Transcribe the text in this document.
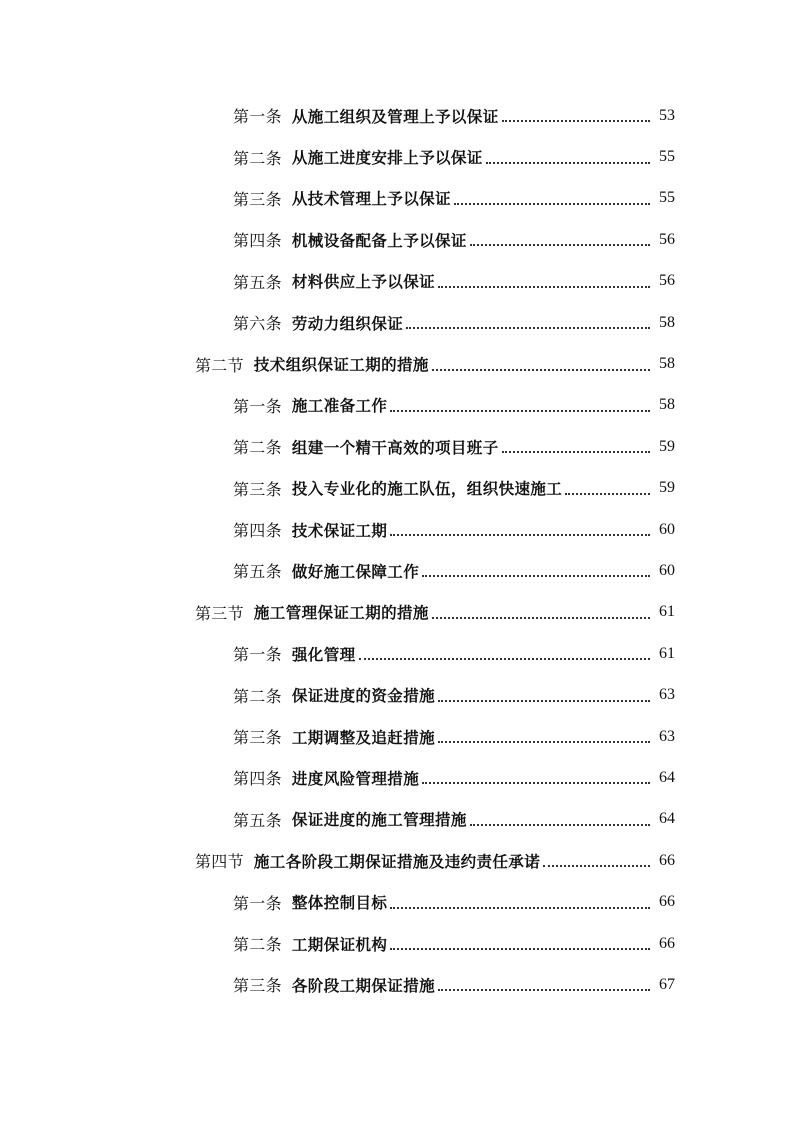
第一条 从施工组织及管理上予以保证	53
第二条 从施工进度安排上予以保证	55
第三条 从技术管理上予以保证	55
第四条 机械设备配备上予以保证	56
第五条 材料供应上予以保证	56
第六条 劳动力组织保证	58
第二节 技术组织保证工期的措施	58
第一条 施工准备工作	58
第二条 组建一个精干高效的项目班子	59
第三条 投入专业化的施工队伍，组织快速施工	59
第四条 技术保证工期	60
第五条 做好施工保障工作	60
第三节 施工管理保证工期的措施	61
第一条 强化管理	61
第二条 保证进度的资金措施	63
第三条 工期调整及追赶措施	63
第四条 进度风险管理措施	64
第五条 保证进度的施工管理措施	64
第四节 施工各阶段工期保证措施及违约责任承诺	66
第一条 整体控制目标	66
第二条 工期保证机构	66
第三条 各阶段工期保证措施	67
